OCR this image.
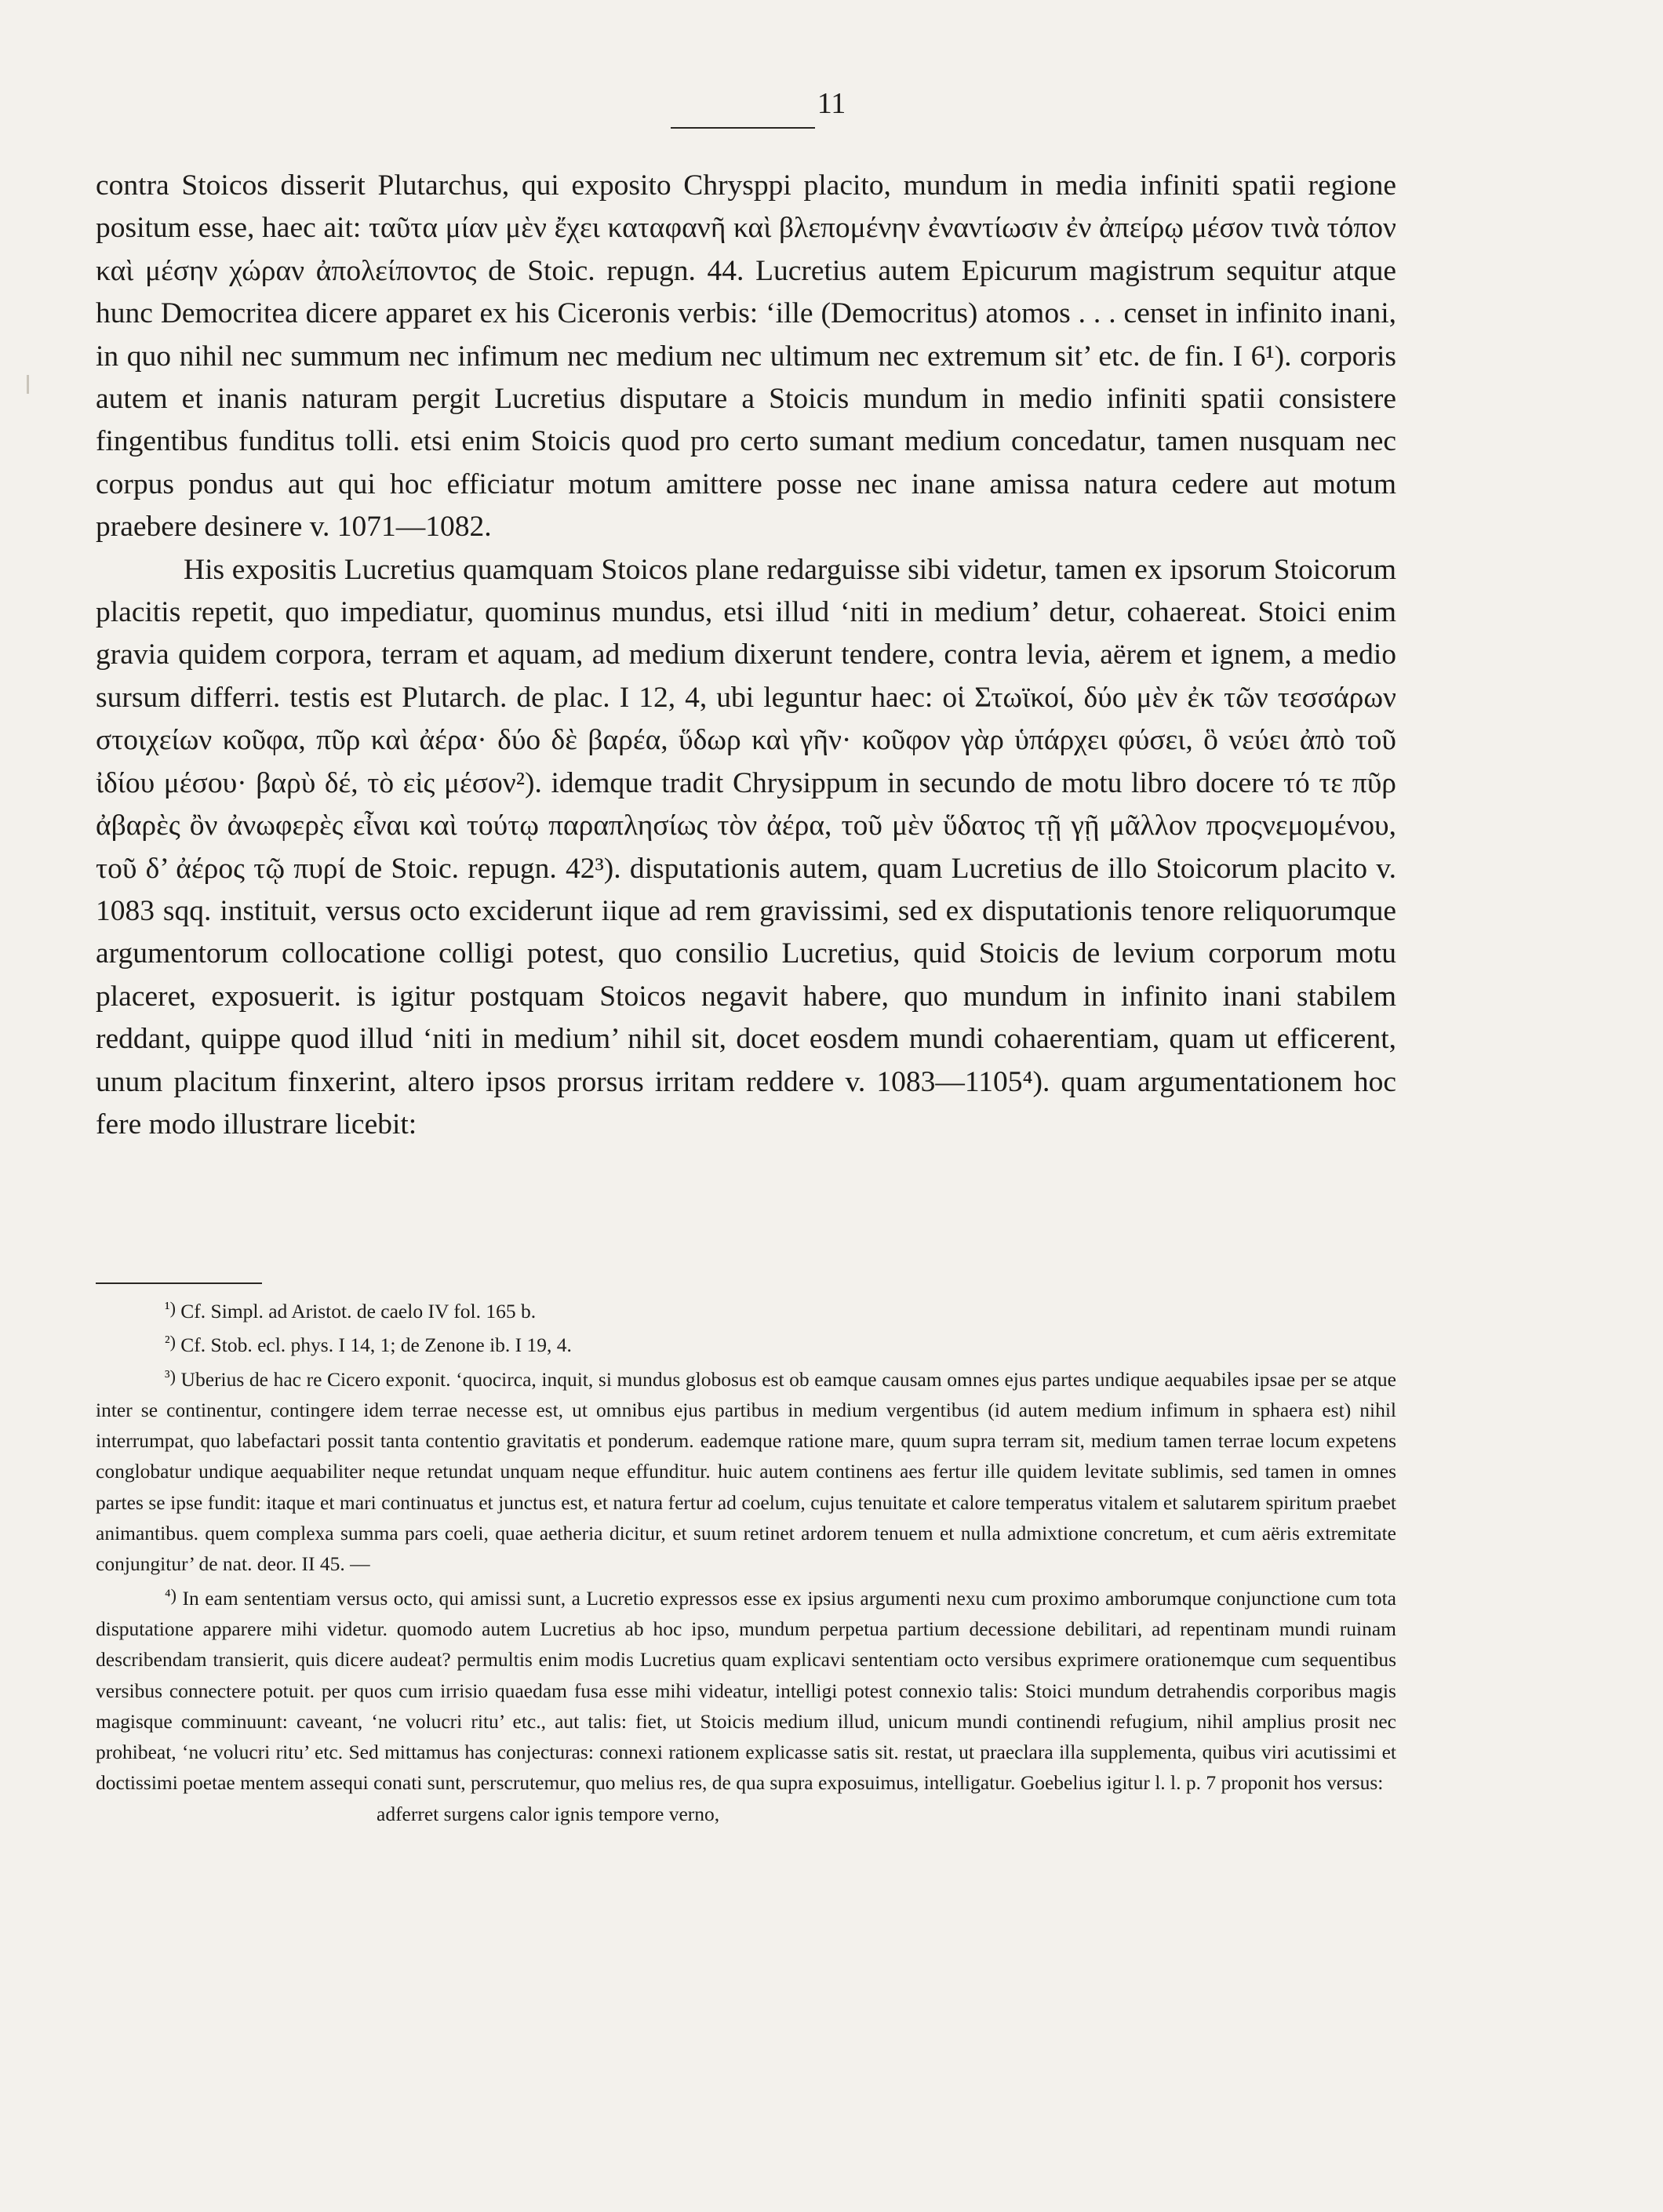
11

contra Stoicos disserit Plutarchus, qui exposito Chrysppi placito, mundum in media infiniti spatii regione positum esse, haec ait: ταῦτα μίαν μὲν ἔχει καταφανῆ καὶ βλεπομένην ἐναντίωσιν ἐν ἀπείρῳ μέσον τινὰ τόπον καὶ μέσην χώραν ἀπολείποντος de Stoic. repugn. 44. Lucretius autem Epicurum magistrum sequitur atque hunc Democritea dicere apparet ex his Ciceronis verbis: ‘ille (Democritus) atomos . . . censet in infinito inani, in quo nihil nec summum nec infimum nec medium nec ultimum nec extremum sit’ etc. de fin. I 6¹). corporis autem et inanis naturam pergit Lucretius disputare a Stoicis mundum in medio infiniti spatii consistere fingentibus funditus tolli. etsi enim Stoicis quod pro certo sumant medium concedatur, tamen nusquam nec corpus pondus aut qui hoc efficiatur motum amittere posse nec inane amissa natura cedere aut motum praebere desinere v. 1071—1082.

His expositis Lucretius quamquam Stoicos plane redarguisse sibi videtur, tamen ex ipsorum Stoicorum placitis repetit, quo impediatur, quominus mundus, etsi illud ‘niti in medium’ detur, cohaereat. Stoici enim gravia quidem corpora, terram et aquam, ad medium dixerunt tendere, contra levia, aërem et ignem, a medio sursum differri. testis est Plutarch. de plac. I 12, 4, ubi leguntur haec: οἱ Στωϊκοί, δύο μὲν ἐκ τῶν τεσσάρων στοιχείων κοῦφα, πῦρ καὶ ἀέρα· δύο δὲ βαρέα, ὕδωρ καὶ γῆν· κοῦφον γὰρ ὑπάρχει φύσει, ὃ νεύει ἀπὸ τοῦ ἰδίου μέσου· βαρὺ δέ, τὸ εἰς μέσον²). idemque tradit Chrysippum in secundo de motu libro docere τό τε πῦρ ἀβαρὲς ὂν ἀνωφερὲς εἶναι καὶ τούτῳ παραπλησίως τὸν ἀέρα, τοῦ μὲν ὕδατος τῇ γῇ μᾶλλον προςνεμομένου, τοῦ δ’ ἀέρος τῷ πυρί de Stoic. repugn. 42³). disputationis autem, quam Lucretius de illo Stoicorum placito v. 1083 sqq. instituit, versus octo exciderunt iique ad rem gravissimi, sed ex disputationis tenore reliquorumque argumentorum collocatione colligi potest, quo consilio Lucretius, quid Stoicis de levium corporum motu placeret, exposuerit. is igitur postquam Stoicos negavit habere, quo mundum in infinito inani stabilem reddant, quippe quod illud ‘niti in medium’ nihil sit, docet eosdem mundi cohaerentiam, quam ut efficerent, unum placitum finxerint, altero ipsos prorsus irritam reddere v. 1083—1105⁴). quam argumentationem hoc fere modo illustrare licebit:

¹) Cf. Simpl. ad Aristot. de caelo IV fol. 165 b.

²) Cf. Stob. ecl. phys. I 14, 1; de Zenone ib. I 19, 4.

³) Uberius de hac re Cicero exponit. ‘quocirca, inquit, si mundus globosus est ob eamque causam omnes ejus partes undique aequabiles ipsae per se atque inter se continentur, contingere idem terrae necesse est, ut omnibus ejus partibus in medium vergentibus (id autem medium infimum in sphaera est) nihil interrumpat, quo labefactari possit tanta contentio gravitatis et ponderum. eademque ratione mare, quum supra terram sit, medium tamen terrae locum expetens conglobatur undique aequabiliter neque retundat unquam neque effunditur. huic autem continens aes fertur ille quidem levitate sublimis, sed tamen in omnes partes se ipse fundit: itaque et mari continuatus et junctus est, et natura fertur ad coelum, cujus tenuitate et calore temperatus vitalem et salutarem spiritum praebet animantibus. quem complexa summa pars coeli, quae aetheria dicitur, et suum retinet ardorem tenuem et nulla admixtione concretum, et cum aëris extremitate conjungitur’ de nat. deor. II 45. —

⁴) In eam sententiam versus octo, qui amissi sunt, a Lucretio expressos esse ex ipsius argumenti nexu cum proximo amborumque conjunctione cum tota disputatione apparere mihi videtur. quomodo autem Lucretius ab hoc ipso, mundum perpetua partium decessione debilitari, ad repentinam mundi ruinam describendam transierit, quis dicere audeat? permultis enim modis Lucretius quam explicavi sententiam octo versibus exprimere orationemque cum sequentibus versibus connectere potuit. per quos cum irrisio quaedam fusa esse mihi videatur, intelligi potest connexio talis: Stoici mundum detrahendis corporibus magis magisque comminuunt: caveant, ‘ne volucri ritu’ etc., aut talis: fiet, ut Stoicis medium illud, unicum mundi continendi refugium, nihil amplius prosit nec prohibeat, ‘ne volucri ritu’ etc. Sed mittamus has conjecturas: connexi rationem explicasse satis sit. restat, ut praeclara illa supplementa, quibus viri acutissimi et doctissimi poetae mentem assequi conati sunt, perscrutemur, quo melius res, de qua supra exposuimus, intelligatur. Goebelius igitur l. l. p. 7 proponit hos versus:

adferret surgens calor ignis tempore verno,
